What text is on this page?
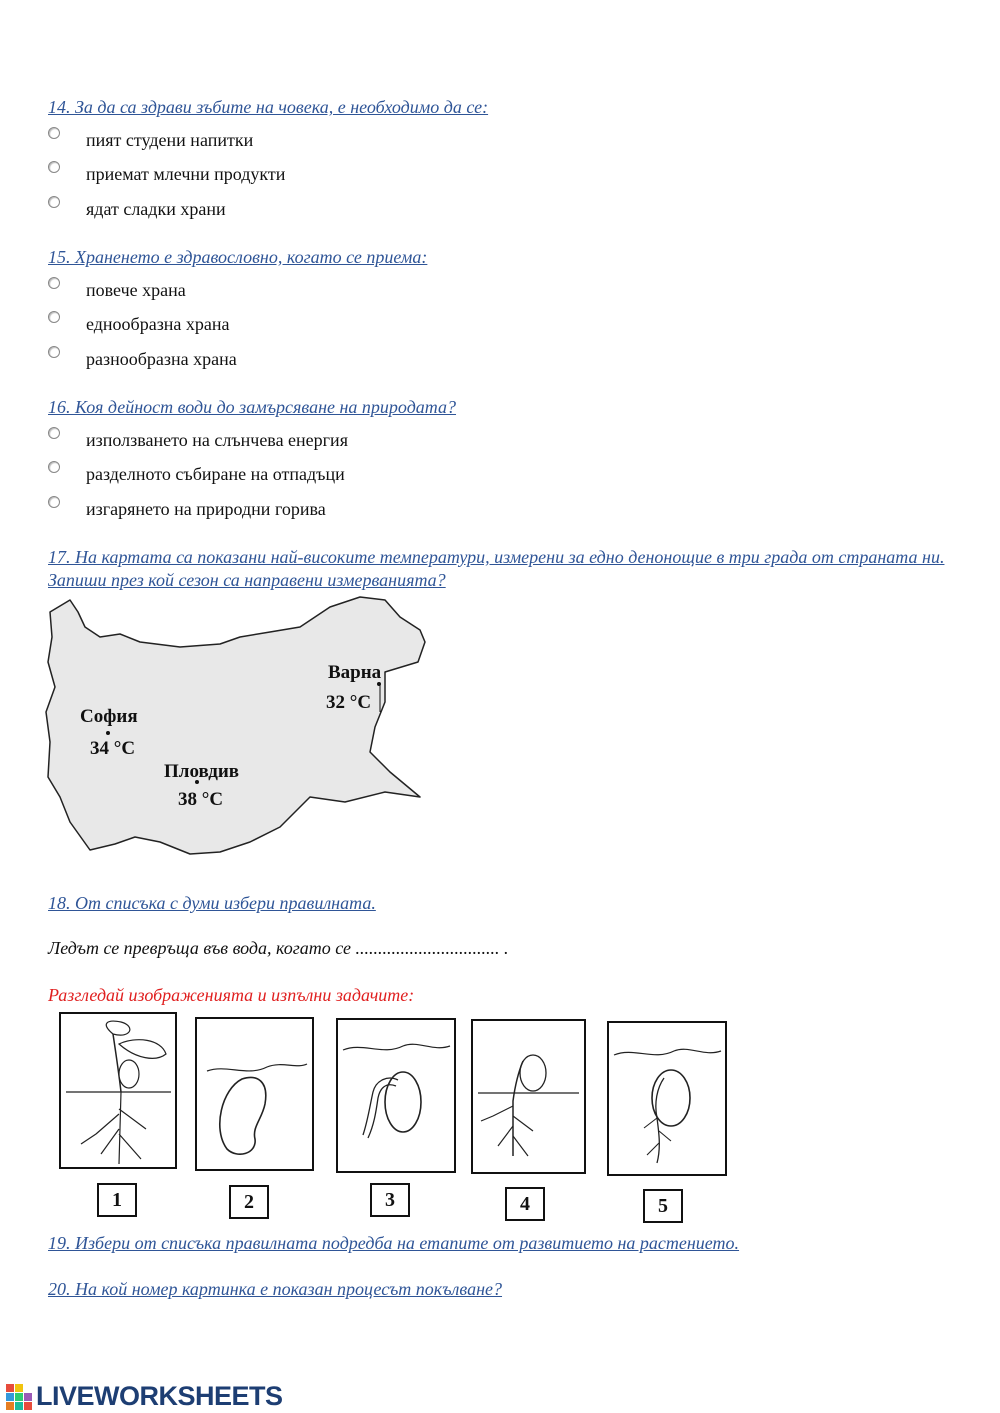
14. За да са здрави зъбите на човека, е необходимо да се:
пият студени напитки
приемат млечни продукти
ядат сладки храни
15. Храненето е здравословно, когато се приема:
повече храна
еднообразна храна
разнообразна храна
16. Коя дейност води до замърсяване на природата?
използването на слънчева енергия
разделното събиране на отпадъци
изгарянето на природни горива
17. На картата са показани най-високите температури, измерени за едно денонощие в три града от страната ни. Запиши през кой сезон са направени измерванията?
София
34 °C
Пловдив
38 °C
Варна
32 °C
18. От списъка с думи избери правилната.
Ледът се превръща във вода, когато се ................................ .
Разгледай изображенията и изпълни задачите:
1	2	3	4	5
19. Избери от списъка правилната подредба на етапите от развитието на растението.
20. На кой номер картинка е показан процесът покълване?
LIVEWORKSHEETS
